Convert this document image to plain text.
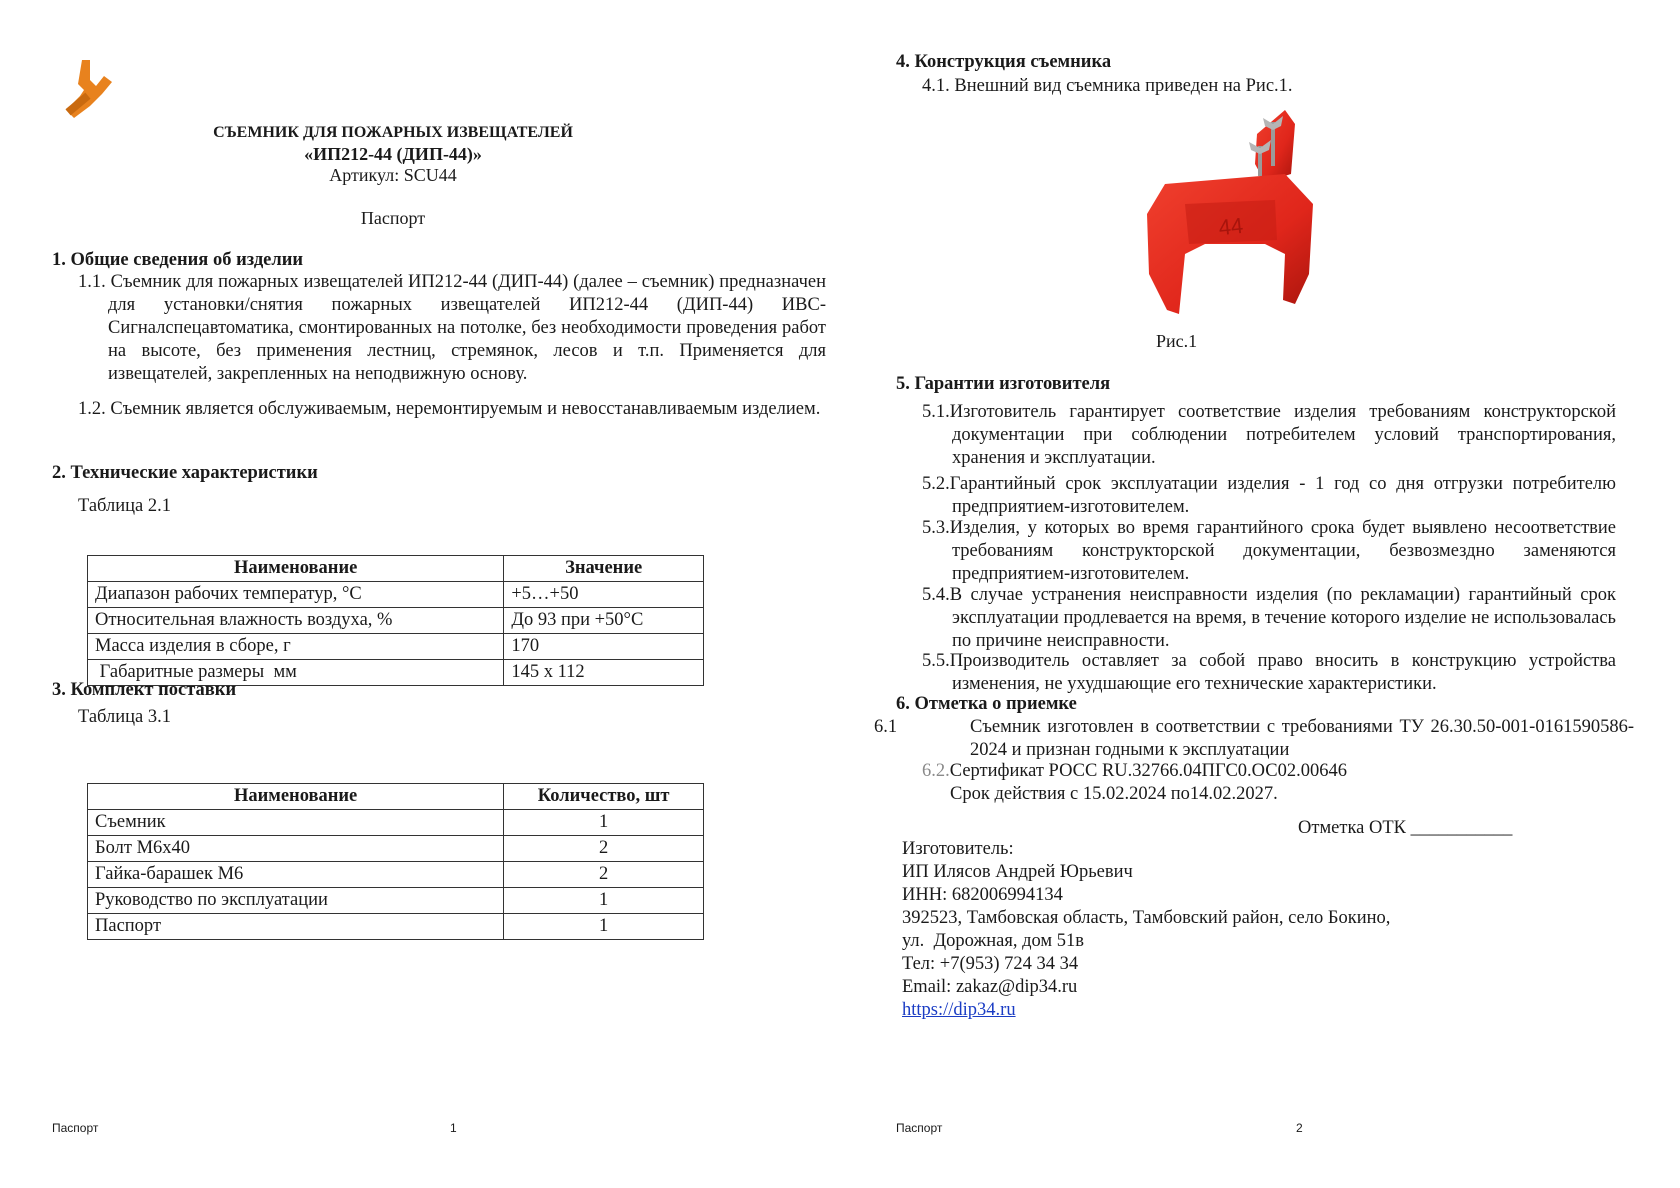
СЪЕМНИК ДЛЯ ПОЖАРНЫХ ИЗВЕЩАТЕЛЕЙ
«ИП212-44 (ДИП-44)»
Артикул: SCU44
Паспорт
1. Общие сведения об изделии
1.1. Съемник для пожарных извещателей ИП212-44 (ДИП-44) (далее – съемник) предназначен для установки/снятия пожарных извещателей ИП212-44 (ДИП-44) ИВС-Сигналспецавтоматика, смонтированных на потолке, без необходимости проведения работ на высоте, без применения лестниц, стремянок, лесов и т.п. Применяется для извещателей, закрепленных на неподвижную основу.
1.2. Съемник является обслуживаемым, неремонтируемым и невосстанавливаемым изделием.
2. Технические характеристики
Таблица 2.1
Наименование	Значение
Диапазон рабочих температур, °С	+5…+50
Относительная влажность воздуха, %	До 93 при +50°С
Масса изделия в сборе, г	170
Габаритные размеры  мм	145 х 112
3. Комплект поставки
Таблица 3.1
Наименование	Количество, шт
Съемник	1
Болт М6х40	2
Гайка-барашек М6	2
Руководство по эксплуатации	1
Паспорт	1
Паспорт	1
4. Конструкция съемника
4.1. Внешний вид съемника приведен на Рис.1.
44
Рис.1
5. Гарантии изготовителя
5.1.Изготовитель гарантирует соответствие изделия требованиям конструкторской документации при соблюдении потребителем условий транспортирования, хранения и эксплуатации.
5.2.Гарантийный срок эксплуатации изделия - 1 год со дня отгрузки потребителю предприятием-изготовителем.
5.3.Изделия, у которых во время гарантийного срока будет выявлено несоответствие требованиям конструкторской документации, безвозмездно заменяются предприятием-изготовителем.
5.4.В случае устранения неисправности изделия (по рекламации) гарантийный срок эксплуатации продлевается на время, в течение которого изделие не использовалась по причине неисправности.
5.5.Производитель оставляет за собой право вносить в конструкцию устройства изменения, не ухудшающие его технические характеристики.
6. Отметка о приемке
6.1	Съемник изготовлен в соответствии с требованиями ТУ 26.30.50-001-0161590586-2024 и признан годными к эксплуатации
6.2.Сертификат РОСС RU.32766.04ПГС0.ОС02.00646
Срок действия с 15.02.2024 по14.02.2027.
Отметка ОТК ___________
Изготовитель:
ИП Илясов Андрей Юрьевич
ИНН: 682006994134
392523, Тамбовская область, Тамбовский район, село Бокино,
ул.  Дорожная, дом 51в
Тел: +7(953) 724 34 34
Email: zakaz@dip34.ru
https://dip34.ru
Паспорт	2
